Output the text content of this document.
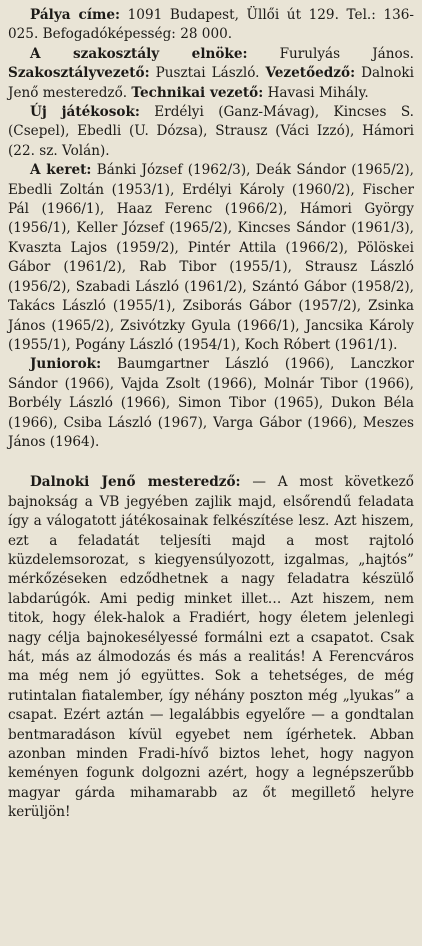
Pálya címe: 1091 Budapest, Üllői út 129. Tel.: 136-025. Befogadóképesség: 28 000.

A szakosztály elnöke: Furulyás János. Szakosztályvezető: Pusztai László. Vezetőedző: Dalnoki Jenő mesteredző. Technikai vezető: Havasi Mihály.

Új játékosok: Erdélyi (Ganz-Mávag), Kincses S. (Csepel), Ebedli (U. Dózsa), Strausz (Váci Izzó), Hámori (22. sz. Volán).

A keret: Bánki József (1962/3), Deák Sándor (1965/2), Ebedli Zoltán (1953/1), Erdélyi Károly (1960/2), Fischer Pál (1966/1), Haaz Ferenc (1966/2), Hámori György (1956/1), Keller József (1965/2), Kincses Sándor (1961/3), Kvaszta Lajos (1959/2), Pintér Attila (1966/2), Pölöskei Gábor (1961/2), Rab Tibor (1955/1), Strausz László (1956/2), Szabadi László (1961/2), Szántó Gábor (1958/2), Takács László (1955/1), Zsiborás Gábor (1957/2), Zsinka János (1965/2), Zsivótzky Gyula (1966/1), Jancsika Károly (1955/1), Pogány László (1954/1), Koch Róbert (1961/1).

Juniorok: Baumgartner László (1966), Lanczkor Sándor (1966), Vajda Zsolt (1966), Molnár Tibor (1966), Borbély László (1966), Simon Tibor (1965), Dukon Béla (1966), Csiba László (1967), Varga Gábor (1966), Meszes János (1964).

Dalnoki Jenő mesteredző: — A most következő bajnokság a VB jegyében zajlik majd, elsőrendű feladata így a válogatott játékosainak felkészítése lesz. Azt hiszem, ezt a feladatát teljesíti majd a most rajtoló küzdelemsorozat, s kiegyensúlyozott, izgalmas, „hajtós” mérkőzéseken edződhetnek a nagy feladatra készülő labdarúgók. Ami pedig minket illet… Azt hiszem, nem titok, hogy élek-halok a Fradiért, hogy életem jelenlegi nagy célja bajnokesélyessé formálni ezt a csapatot. Csak hát, más az álmodozás és más a realitás! A Ferencváros ma még nem jó együttes. Sok a tehetséges, de még rutintalan fiatalember, így néhány poszton még „lyukas” a csapat. Ezért aztán — legalábbis egyelőre — a gondtalan bentmaradáson kívül egyebet nem ígérhetek. Abban azonban minden Fradi-hívő biztos lehet, hogy nagyon keményen fogunk dolgozni azért, hogy a legnépszerűbb magyar gárda mihamarabb az őt megillető helyre kerüljön!
